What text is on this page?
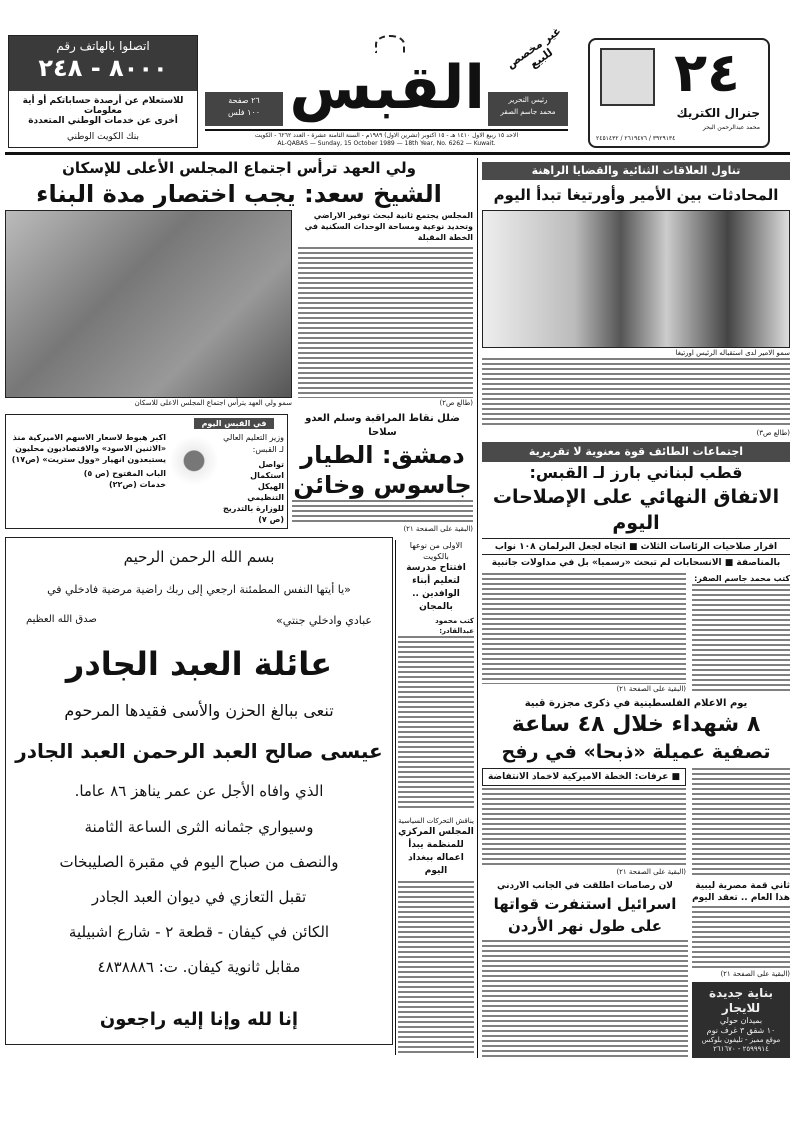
اتصلوا بالهاتف رقم
٨٠٠٠ - ٢٤٨
للاستعلام عن أرصدة حساباتكم أو أية معلومات
أخرى عن خدمات الوطني المتعددة
بنك الكويت الوطني
٢٦ صفحة
١٠٠ فلس القبس
غير مخصص للبيع
رئيس التحرير
محمد جاسم الصقر
الاحد ١٥ ربيع الاول ١٤١٠ هـ - ١٥ اكتوبر (تشرين الاول) ١٩٨٩م - السنة الثامنة عشرة - العدد ٦٢٦٢ - الكويت
AL-QABAS — Sunday, 15 October 1989 — 18th Year, No. 6262 — Kuwait.
٢٤
جنرال الكتريك
محمد عبدالرحمن البحر
٣٩٢٩١٣٤ / ٢٦١٩٤٧٦ / ٢٤٥١٤٣٢
ولي العهد ترأس اجتماع المجلس الأعلى للإسكان
الشيخ سعد: يجب اختصار مدة البناء
المجلس يجتمع ثانية لبحث توفير الاراضي وتحديد نوعية ومساحة الوحدات السكنية في الخطة المقبلة
(طالع ص٢)
سمو ولي العهد يترأس اجتماع المجلس الاعلى للاسكان
تناول العلاقات الثنائية والقضايا الراهنة
المحادثات بين الأمير وأورتيغا تبدأ اليوم
سمو الامير لدى استقباله الرئيس اورتيغا
(طالع ص٣)
في القبس اليوم
وزير التعليم العالي لـ القبس:
تواصل استكمال الهيكل التنظيمي للوزارة بالتدريج (ص ٧)
اكبر هبوط لاسعار الاسهم الاميركية منذ «الاثنين الاسود» والاقتصاديون محليون يستبعدون انهيار «وول ستريت» (ص١٧)
الباب المفتوح (ص ٥)
خدمات (ص٢٢)
ضلل نقاط المراقبة وسلم العدو سلاحا
دمشق: الطيار
جاسوس وخائن
(البقية على الصفحة ٢١)
اجتماعات الطائف قوة معنوية لا تقريرية
قطب لبناني بارز لـ القبس:
الاتفاق النهائي على الإصلاحات اليوم
اقرار صلاحيات الرئاسات الثلاث ■ اتجاه لجعل البرلمان ١٠٨ نواب
بالمناصفة ■ الانسحابات لم تبحث «رسميا» بل في مداولات جانبية
كتب محمد جاسم الصقر:
(البقية على الصفحة ٢١)
بسم الله الرحمن الرحيم
«يا أيتها النفس المطمئنة ارجعي إلى ربك راضية مرضية فادخلي في
عبادي وادخلي جنتي»
صدق الله العظيم
عائلة العبد الجادر
تنعى ببالغ الحزن والأسى فقيدها المرحوم
عيسى صالح العبد الرحمن العبد الجادر
الذي وافاه الأجل عن عمر يناهز ٨٦ عاما.
وسيواري جثمانه الثرى الساعة الثامنة
والنصف من صباح اليوم في مقبرة الصليبخات
تقبل التعازي في ديوان العبد الجادر
الكائن في كيفان - قطعة ٢ - شارع اشبيلية
مقابل ثانوية كيفان. ت: ٤٨٣٨٨٨٦
إنا لله وإنا إليه راجعون
الاولى من نوعها بالكويت
افتتاح مدرسة لتعليم أبناء الوافدين .. بالمجان
كتب محمود عبدالقادر:
يناقش التحركات السياسية
المجلس المركزي للمنظمة يبدأ اعماله ببغداد اليوم
يوم الاعلام الفلسطينية في ذكرى مجزرة قبية
٨ شهداء خلال ٤٨ ساعة
تصفية عميلة «ذبحا» في رفح
■ عرفات: الخطة الاميركية لاخماد الانتفاضة
(البقية على الصفحة ٢١)
لان رصاصات اطلقت في الجانب الاردني
اسرائيل استنفرت قواتها
على طول نهر الأردن
ثاني قمة مصرية ليبية هذا العام .. تعقد اليوم
(البقية على الصفحة ٢١)
بناية جديدة
للايجار
بميدان حولي
١٠ شقق ٣ غرف نوم
موقع مميز - تليفون بلوكس
٢٥٩٩٩١٤ - ٢٦١٦٧٠
